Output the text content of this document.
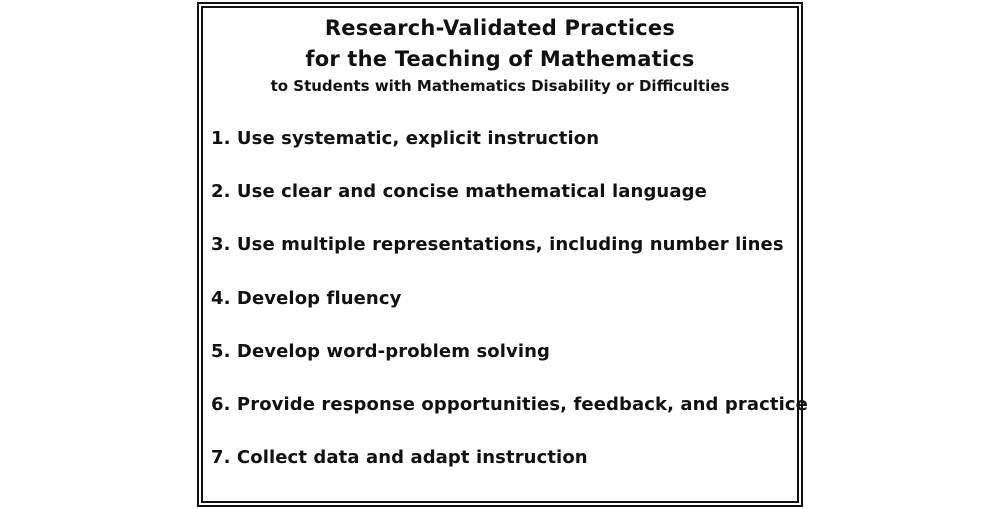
Research-Validated Practices
for the Teaching of Mathematics
to Students with Mathematics Disability or Difficulties
1. Use systematic, explicit instruction
2. Use clear and concise mathematical language
3. Use multiple representations, including number lines
4. Develop fluency
5. Develop word-problem solving
6. Provide response opportunities, feedback, and practice
7. Collect data and adapt instruction
